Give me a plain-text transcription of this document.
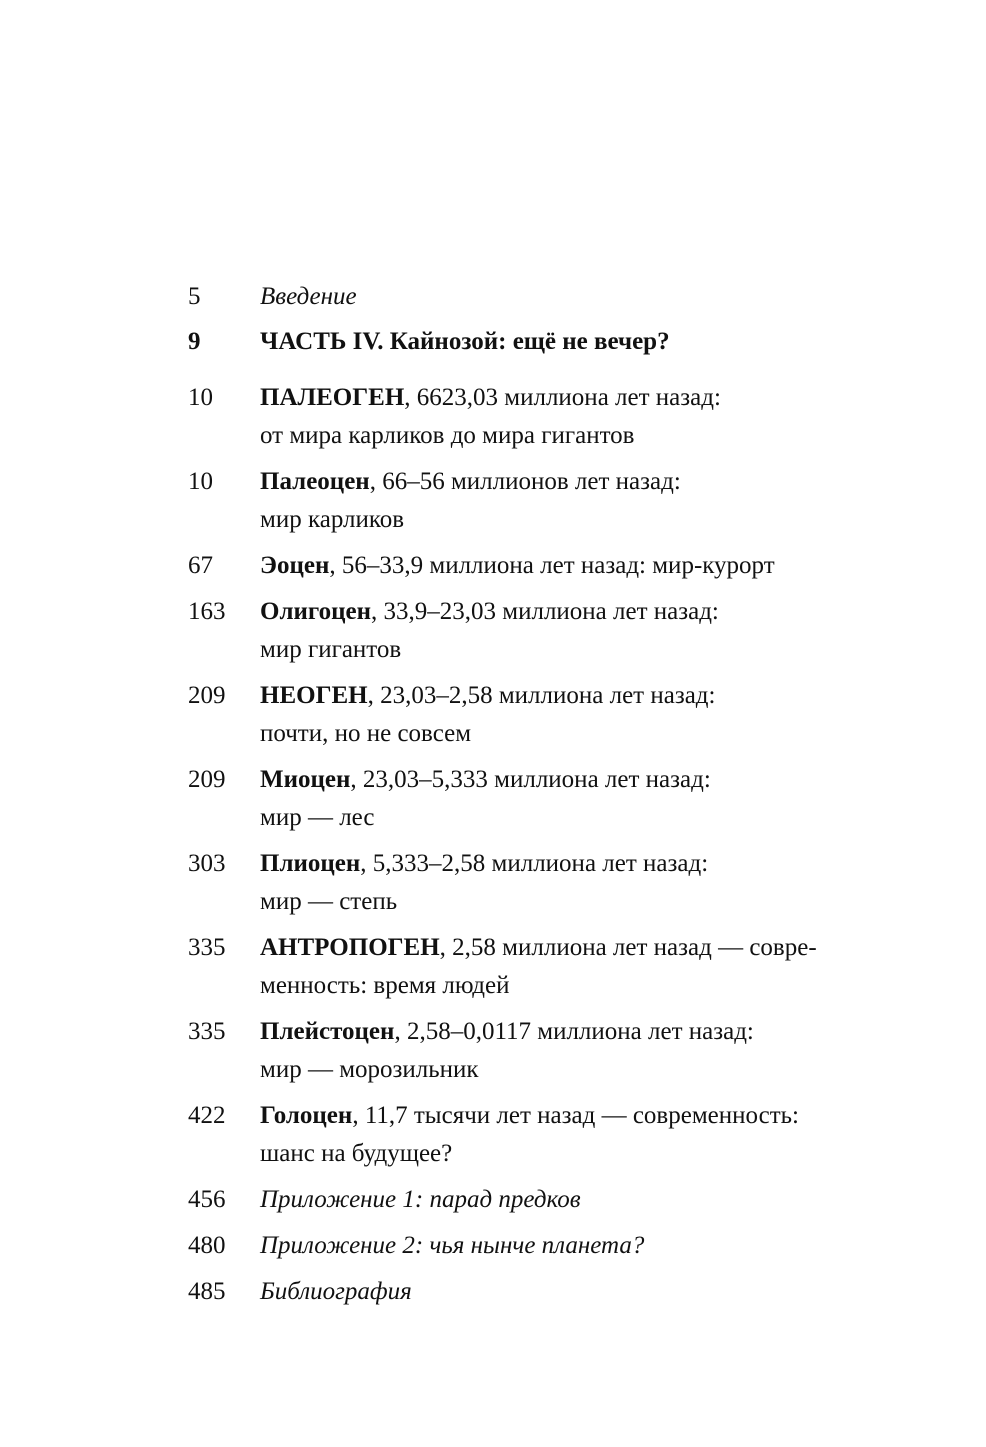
5	Введение
9	ЧАСТЬ IV. Кайнозой: ещё не вечер?
10	ПАЛЕОГЕН, 6623,03 миллиона лет назад:
от мира карликов до мира гигантов
10	Палеоцен, 66–56 миллионов лет назад:
мир карликов
67	Эоцен, 56–33,9 миллиона лет назад: мир-курорт
163	Олигоцен, 33,9–23,03 миллиона лет назад:
мир гигантов
209	НЕОГЕН, 23,03–2,58 миллиона лет назад:
почти, но не совсем
209	Миоцен, 23,03–5,333 миллиона лет назад:
мир — лес
303	Плиоцен, 5,333–2,58 миллиона лет назад:
мир — степь
335	АНТРОПОГЕН, 2,58 миллиона лет назад — совре-
менность: время людей
335	Плейстоцен, 2,58–0,0117 миллиона лет назад:
мир — морозильник
422	Голоцен, 11,7 тысячи лет назад — современность:
шанс на будущее?
456	Приложение 1: парад предков
480	Приложение 2: чья нынче планета?
485	Библиография
